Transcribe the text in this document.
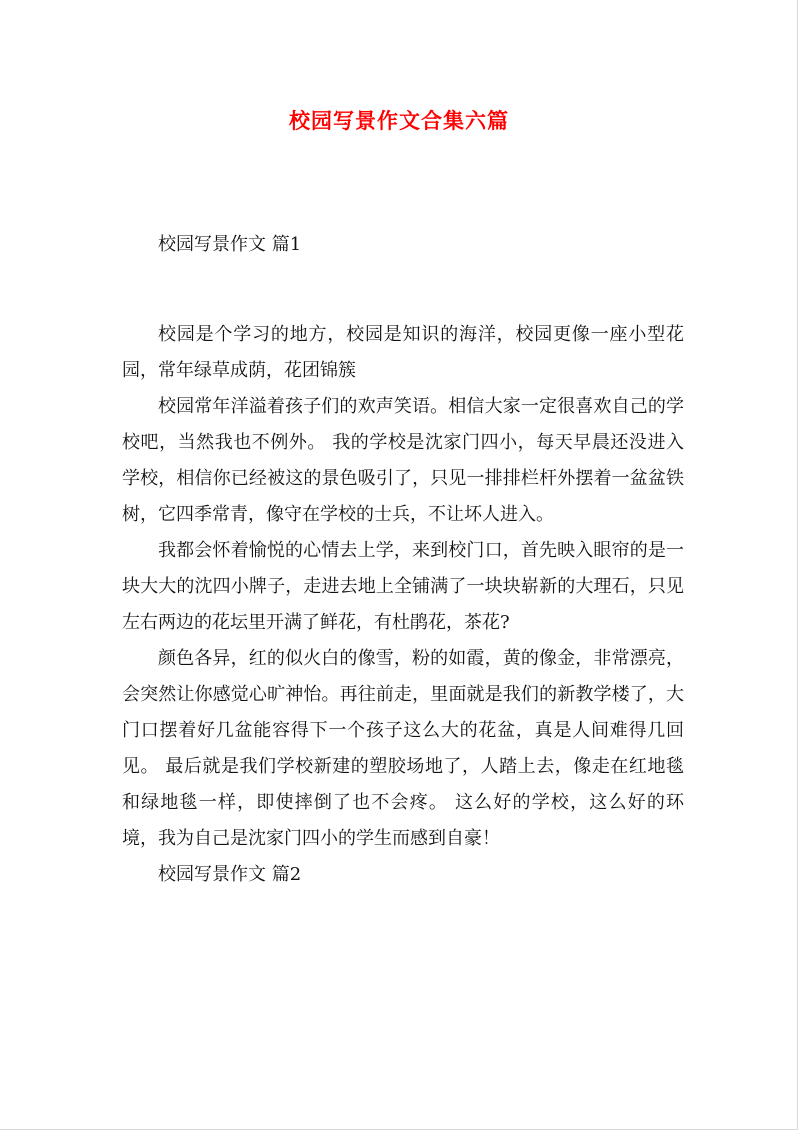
校园写景作文合集六篇

校园写景作文 篇1

校园是个学习的地方，校园是知识的海洋，校园更像一座小型花园，常年绿草成荫，花团锦簇

校园常年洋溢着孩子们的欢声笑语。相信大家一定很喜欢自己的学校吧，当然我也不例外。 我的学校是沈家门四小，每天早晨还没进入学校，相信你已经被这的景色吸引了，只见一排排栏杆外摆着一盆盆铁树，它四季常青，像守在学校的士兵，不让坏人进入。

我都会怀着愉悦的心情去上学，来到校门口，首先映入眼帘的是一块大大的沈四小牌子，走进去地上全铺满了一块块崭新的大理石，只见左右两边的花坛里开满了鲜花，有杜鹃花，茶花?

颜色各异，红的似火白的像雪，粉的如霞，黄的像金，非常漂亮，会突然让你感觉心旷神怡。再往前走，里面就是我们的新教学楼了，大门口摆着好几盆能容得下一个孩子这么大的花盆，真是人间难得几回见。 最后就是我们学校新建的塑胶场地了，人踏上去，像走在红地毯和绿地毯一样，即使摔倒了也不会疼。 这么好的学校，这么好的环境，我为自己是沈家门四小的学生而感到自豪！

校园写景作文 篇2
